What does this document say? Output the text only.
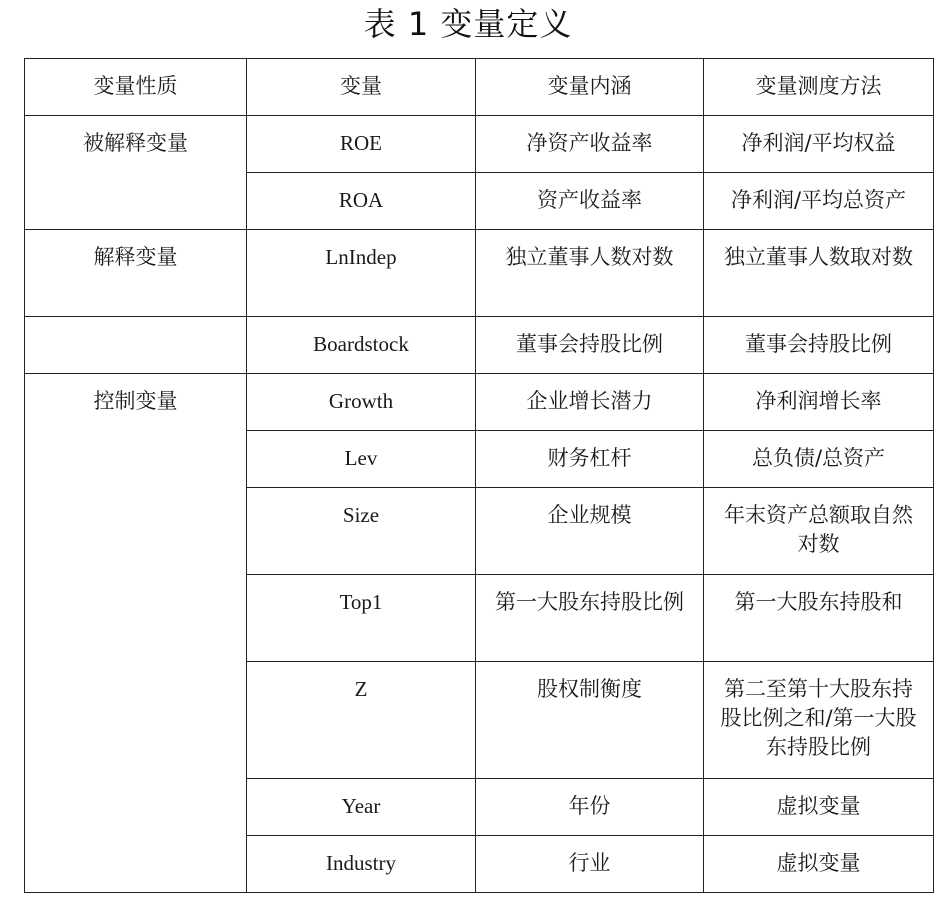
表 1 变量定义
变量性质	变量	变量内涵	变量测度方法
被解释变量	ROE	净资产收益率	净利润/平均权益
	ROA	资产收益率	净利润/平均总资产
解释变量	LnIndep	独立董事人数对数	独立董事人数取对数
	Boardstock	董事会持股比例	董事会持股比例
控制变量	Growth	企业增长潜力	净利润增长率
	Lev	财务杠杆	总负债/总资产
	Size	企业规模	年末资产总额取自然对数
	Top1	第一大股东持股比例	第一大股东持股和
	Z	股权制衡度	第二至第十大股东持股比例之和/第一大股东持股比例
	Year	年份	虚拟变量
	Industry	行业	虚拟变量
